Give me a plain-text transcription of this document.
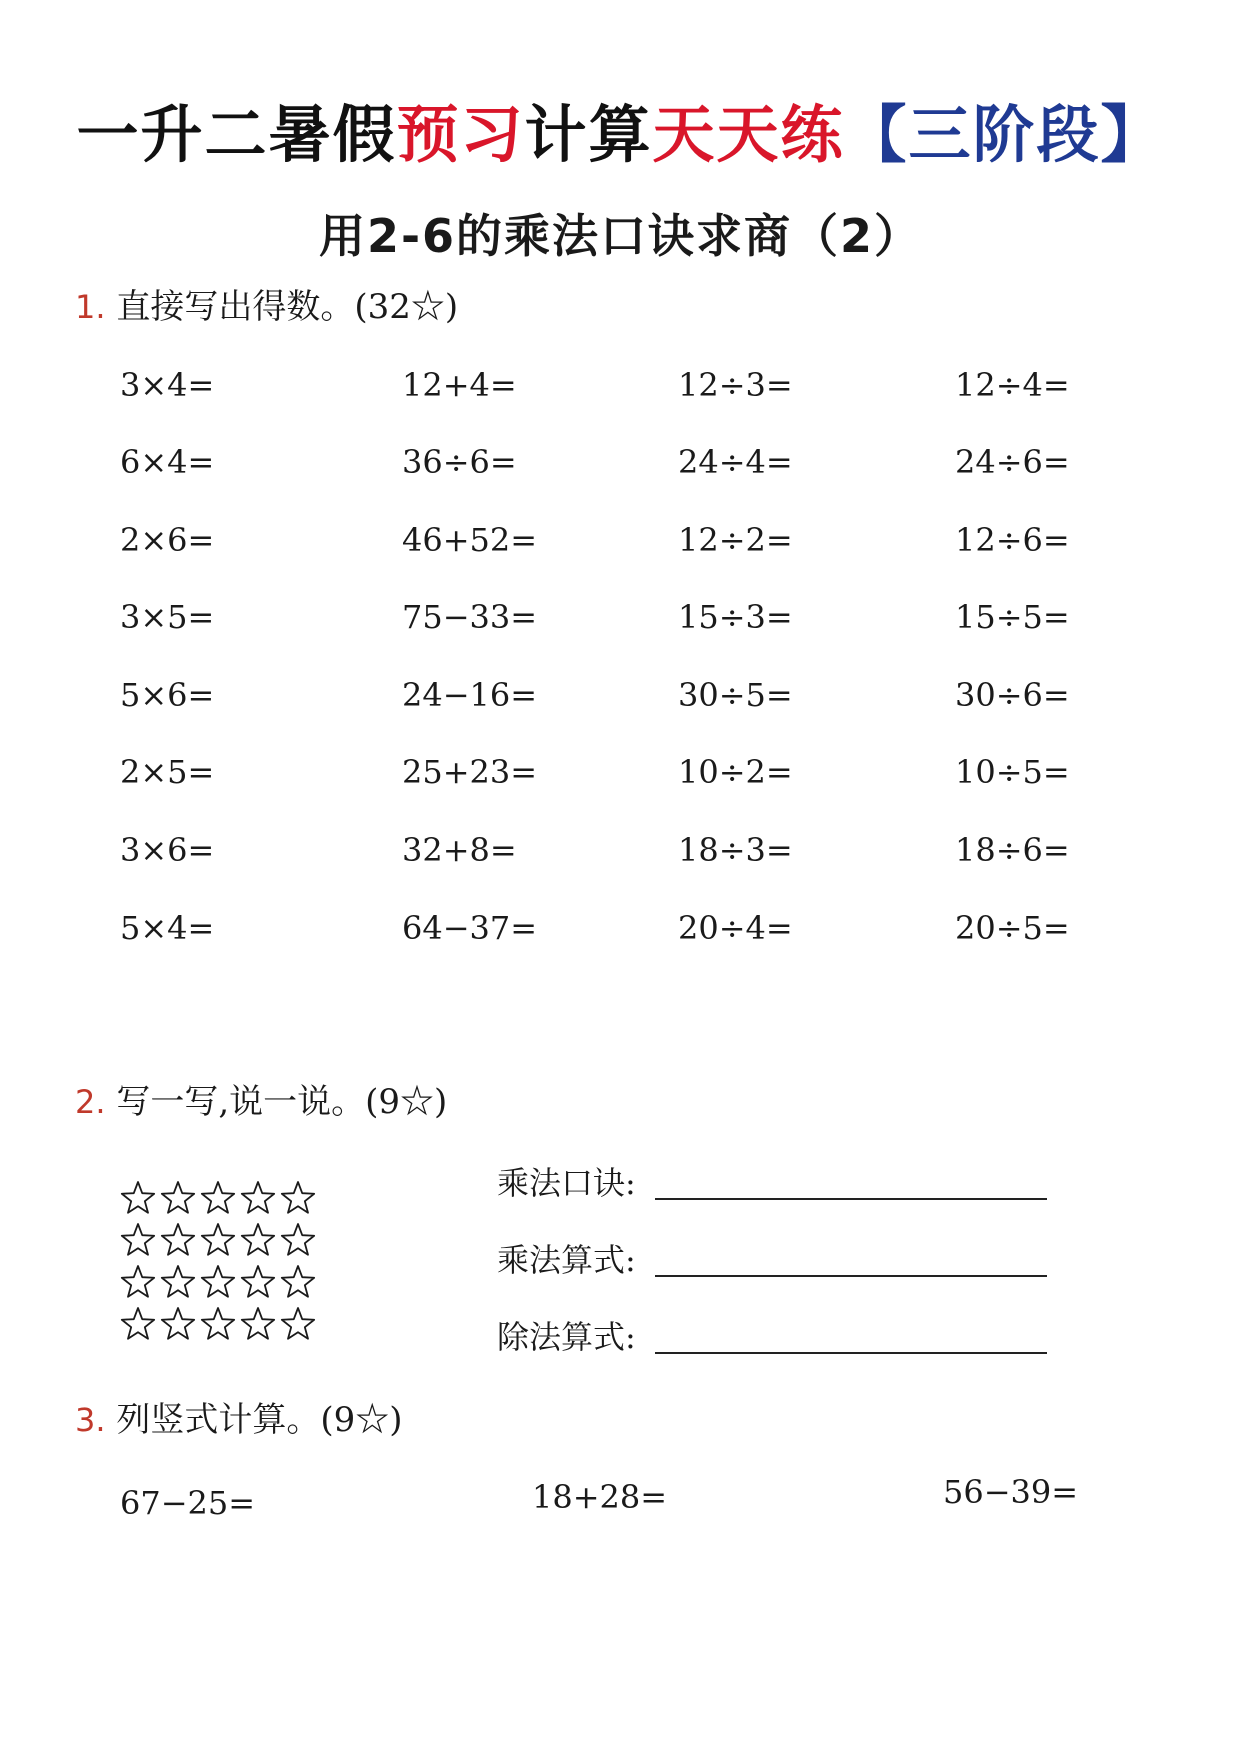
一升二暑假预习计算天天练【三阶段】
用2-6的乘法口诀求商（2）
1. 直接写出得数。(32☆)
3×4=
6×4=
2×6=
3×5=
5×6=
2×5=
3×6=
5×4=
12+4=
36÷6=
46+52=
75−33=
24−16=
25+23=
32+8=
64−37=
12÷3=
24÷4=
12÷2=
15÷3=
30÷5=
10÷2=
18÷3=
20÷4=
12÷4=
24÷6=
12÷6=
15÷5=
30÷6=
10÷5=
18÷6=
20÷5=
2. 写一写,说一说。(9☆)
乘法口诀:
乘法算式:
除法算式:
3. 列竖式计算。(9☆)
67−25=	18+28=	56−39=
